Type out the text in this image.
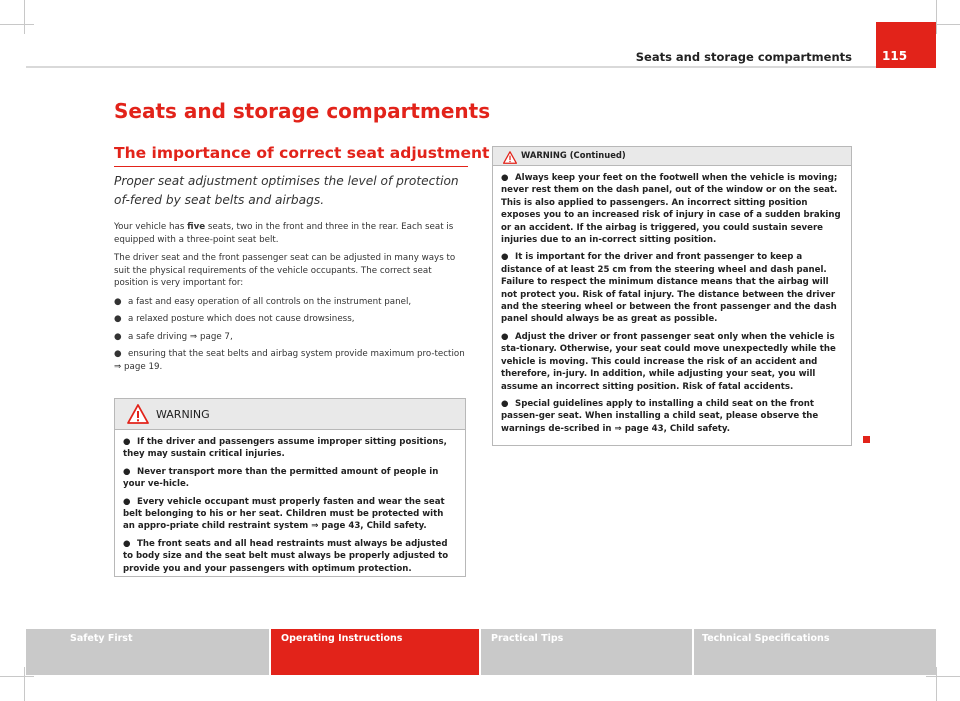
Seats and storage compartments	115
Seats and storage compartments
The importance of correct seat adjustment
Proper seat adjustment optimises the level of protection of-fered by seat belts and airbags.

Your vehicle has five seats, two in the front and three in the rear. Each seat is equipped with a three-point seat belt.

The driver seat and the front passenger seat can be adjusted in many ways to suit the physical requirements of the vehicle occupants. The correct seat position is very important for:

● a fast and easy operation of all controls on the instrument panel,
● a relaxed posture which does not cause drowsiness,
● a safe driving ⇒ page 7,
● ensuring that the seat belts and airbag system provide maximum pro-tection ⇒ page 19.
WARNING
● If the driver and passengers assume improper sitting positions, they may sustain critical injuries.
● Never transport more than the permitted amount of people in your ve-hicle.
● Every vehicle occupant must properly fasten and wear the seat belt belonging to his or her seat. Children must be protected with an appro-priate child restraint system ⇒ page 43, Child safety.
● The front seats and all head restraints must always be adjusted to body size and the seat belt must always be properly adjusted to provide you and your passengers with optimum protection.
WARNING (Continued)
● Always keep your feet on the footwell when the vehicle is moving; never rest them on the dash panel, out of the window or on the seat. This is also applied to passengers. An incorrect sitting position exposes you to an increased risk of injury in case of a sudden braking or an accident. If the airbag is triggered, you could sustain severe injuries due to an in-correct sitting position.
● It is important for the driver and front passenger to keep a distance of at least 25 cm from the steering wheel and dash panel. Failure to respect the minimum distance means that the airbag will not protect you. Risk of fatal injury. The distance between the driver and the steering wheel or between the front passenger and the dash panel should always be as great as possible.
● Adjust the driver or front passenger seat only when the vehicle is sta-tionary. Otherwise, your seat could move unexpectedly while the vehicle is moving. This could increase the risk of an accident and therefore, in-jury. In addition, while adjusting your seat, you will assume an incorrect sitting position. Risk of fatal accidents.
● Special guidelines apply to installing a child seat on the front passen-ger seat. When installing a child seat, please observe the warnings de-scribed in ⇒ page 43, Child safety.
Safety First	Operating Instructions	Practical Tips	Technical Specifications
